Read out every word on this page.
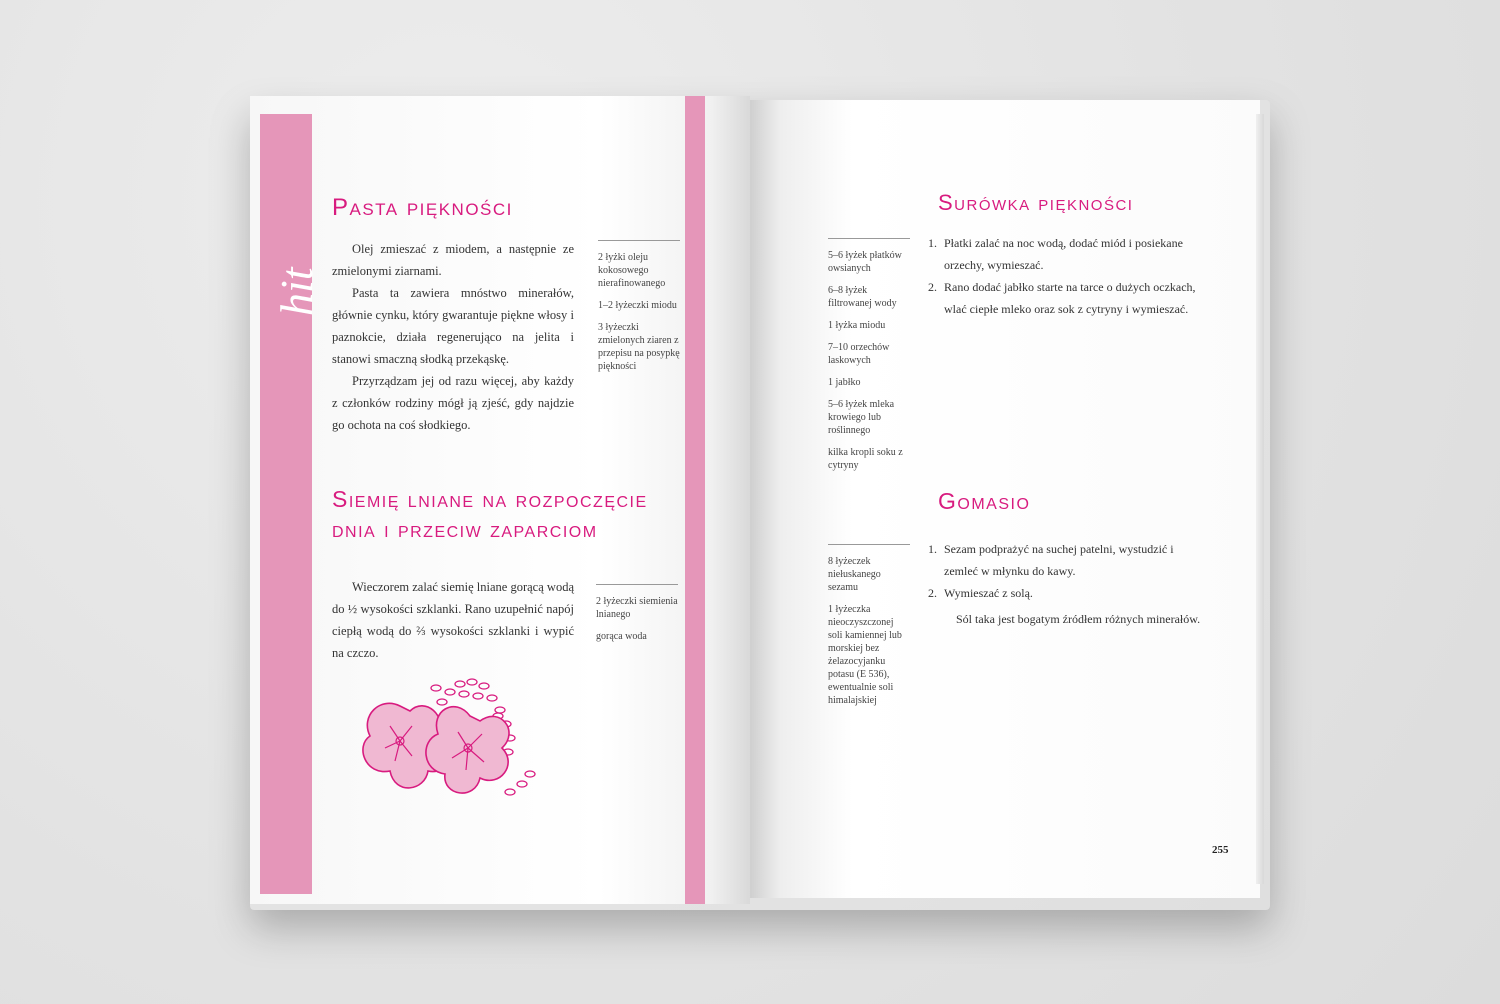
hit
Pasta piękności

Olej zmieszać z miodem, a następnie ze zmielonymi ziarnami.

Pasta ta zawiera mnóstwo minerałów, głównie cynku, który gwarantuje piękne włosy i paznokcie, działa regenerująco na jelita i stanowi smaczną słodką przekąskę.

Przyrządzam jej od razu więcej, aby każdy z członków rodziny mógł ją zjeść, gdy najdzie go ochota na coś słodkiego.

2 łyżki oleju kokosowego nierafinowanego
1–2 łyżeczki miodu
3 łyżeczki zmielonych ziaren z przepisu na posypkę piękności
Siemię lniane na rozpoczęcie
dnia i przeciw zaparciom

Wieczorem zalać siemię lniane gorącą wodą do ½ wysokości szklanki. Rano uzupełnić napój ciepłą wodą do ⅔ wysokości szklanki i wypić na czczo.

2 łyżeczki siemienia lnianego
gorąca woda
Surówka piękności
5–6 łyżek płatków owsianych
6–8 łyżek filtrowanej wody
1 łyżka miodu
7–10 orzechów laskowych
1 jabłko
5–6 łyżek mleka krowiego lub roślinnego
kilka kropli soku z cytryny
1. Płatki zalać na noc wodą, dodać miód i posiekane orzechy, wymieszać.
2. Rano dodać jabłko starte na tarce o dużych oczkach, wlać ciepłe mleko oraz sok z cytryny i wymieszać.
Gomasio
8 łyżeczek niełuskanego sezamu
1 łyżeczka nieoczyszczonej soli kamiennej lub morskiej bez żelazocyjanku potasu (E 536), ewentualnie soli himalajskiej
1. Sezam podprażyć na suchej patelni, wystudzić i zemleć w młynku do kawy.
2. Wymieszać z solą.
Sól taka jest bogatym źródłem różnych minerałów.
255
